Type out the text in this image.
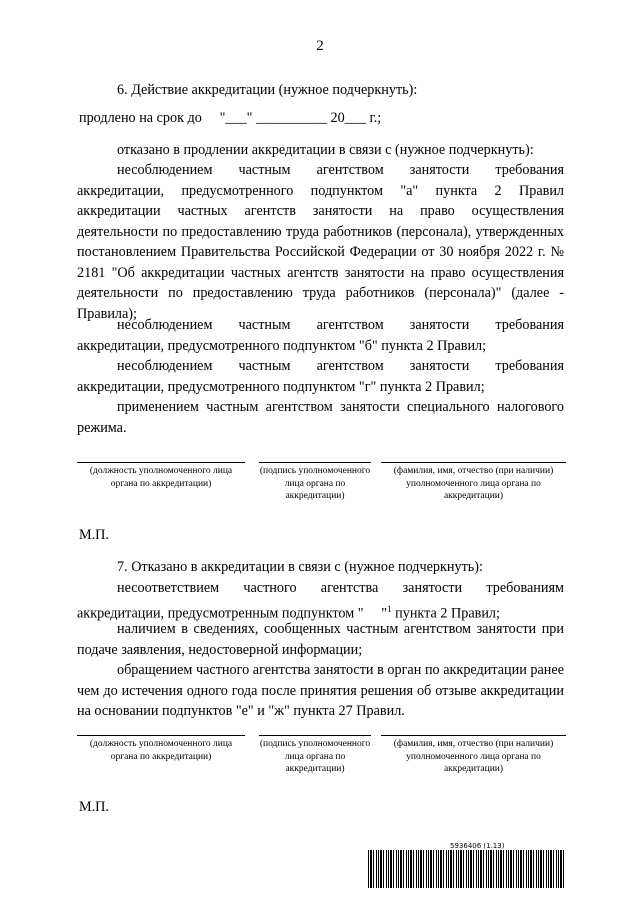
2
6. Действие аккредитации (нужное подчеркнуть):
продлено на срок до     "___" __________ 20___ г.;
отказано в продлении аккредитации в связи с (нужное подчеркнуть):
несоблюдением частным агентством занятости требования аккредитации, предусмотренного подпунктом "а" пункта 2 Правил аккредитации частных агентств занятости на право осуществления деятельности по предоставлению труда работников (персонала), утвержденных постановлением Правительства Российской Федерации от 30 ноября 2022 г. № 2181 "Об аккредитации частных агентств занятости на право осуществления деятельности по предоставлению труда работников (персонала)" (далее - Правила);
несоблюдением частным агентством занятости требования аккредитации, предусмотренного подпунктом "б" пункта 2 Правил;
несоблюдением частным агентством занятости требования аккредитации, предусмотренного подпунктом "г" пункта 2 Правил;
применением частным агентством занятости специального налогового режима.
(должность уполномоченного лица органа по аккредитации)
(подпись уполномоченного лица органа по аккредитации)
(фамилия, имя, отчество (при наличии) уполномоченного лица органа по аккредитации)
М.П.
7. Отказано в аккредитации в связи с (нужное подчеркнуть):
несоответствием частного агентства занятости требованиям аккредитации, предусмотренным подпунктом "     "$^1$ пункта 2 Правил;
наличием в сведениях, сообщенных частным агентством занятости при подаче заявления, недостоверной информации;
обращением частного агентства занятости в орган по аккредитации ранее чем до истечения одного года после принятия решения об отзыве аккредитации на основании подпунктов "е" и "ж" пункта 27 Правил.
(должность уполномоченного лица органа по аккредитации)
(подпись уполномоченного лица органа по аккредитации)
(фамилия, имя, отчество (при наличии) уполномоченного лица органа по аккредитации)
М.П.
5936406 (1.13)
